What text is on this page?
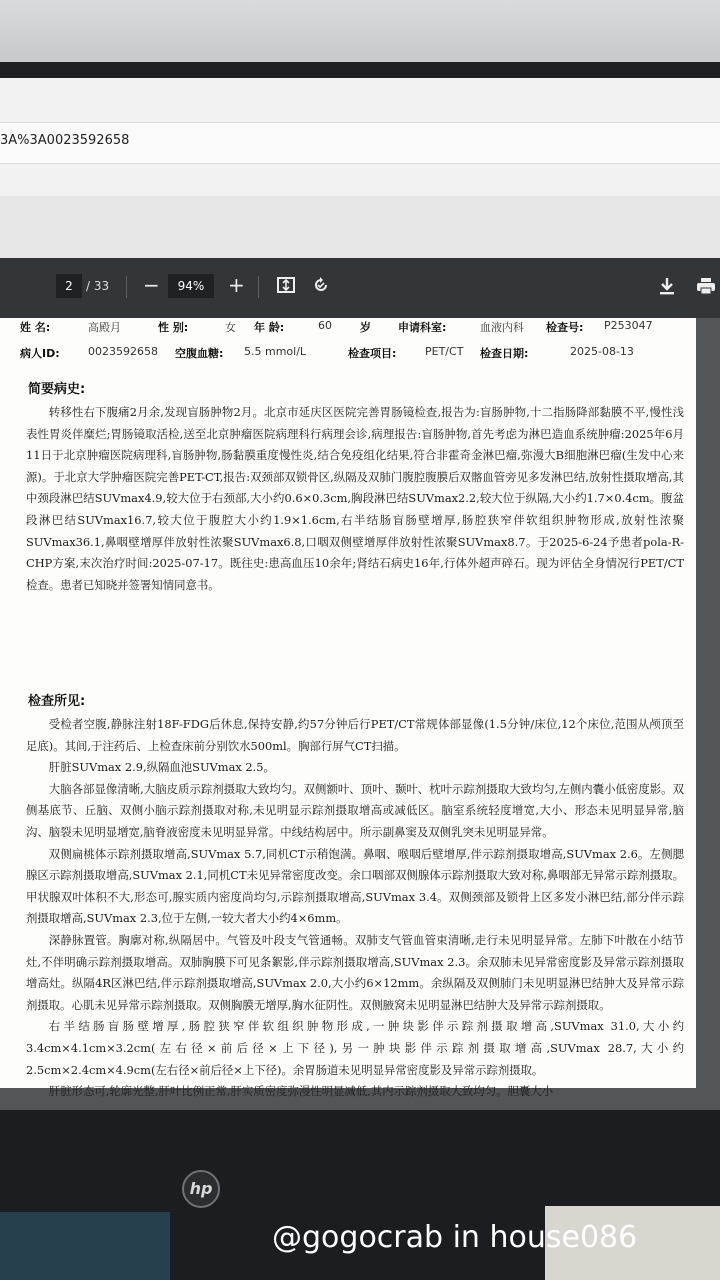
3A%3A0023592658
2	/ 33 −	94%	+
姓 名:	高殿月	性 别:	女 年 龄:	60	岁 申请科室:	血液内科 检查号: P253047
病人ID:	0023592658 空腹血糖: 5.5 mmol/L	检查项目:	PET/CT 检查日期:	2025-08-13
简要病史:

转移性右下腹痛2月余,发现盲肠肿物2月。北京市延庆区医院完善胃肠镜检查,报告为:盲肠肿物,十二指肠降部黏膜不平,慢性浅表性胃炎伴糜烂;胃肠镜取活检,送至北京肿瘤医院病理科行病理会诊,病理报告:盲肠肿物,首先考虑为淋巴造血系统肿瘤:2025年6月11日于北京肿瘤医院病理科,盲肠肿物,肠黏膜重度慢性炎,结合免疫组化结果,符合非霍奇金淋巴瘤,弥漫大B细胞淋巴瘤(生发中心来源)。于北京大学肿瘤医院完善PET-CT,报告:双颈部双锁骨区,纵隔及双肺门腹腔腹膜后双髂血管旁见多发淋巴结,放射性摄取增高,其中颈段淋巴结SUVmax4.9,较大位于右颈部,大小约0.6×0.3cm,胸段淋巴结SUVmax2.2,较大位于纵隔,大小约1.7×0.4cm。腹盆段淋巴结SUVmax16.7,较大位于腹腔大小约1.9×1.6cm,右半结肠盲肠壁增厚,肠腔狭窄伴软组织肿物形成,放射性浓聚SUVmax36.1,鼻咽壁增厚伴放射性浓聚SUVmax6.8,口咽双侧壁增厚伴放射性浓聚SUVmax8.7。于2025-6-24予患者pola-R-CHP方案,末次治疗时间:2025-07-17。既往史:患高血压10余年;肾结石病史16年,行体外超声碎石。现为评估全身情况行PET/CT检查。患者已知晓并签署知情同意书。

检查所见:

受检者空腹,静脉注射18F-FDG后休息,保持安静,约57分钟后行PET/CT常规体部显像(1.5分钟/床位,12个床位,范围从颅顶至足底)。其间,于注药后、上检查床前分别饮水500ml。胸部行屏气CT扫描。

肝脏SUVmax 2.9,纵隔血池SUVmax 2.5。

大脑各部显像清晰,大脑皮质示踪剂摄取大致均匀。双侧额叶、顶叶、颞叶、枕叶示踪剂摄取大致均匀,左侧内囊小低密度影。双侧基底节、丘脑、双侧小脑示踪剂摄取对称,未见明显示踪剂摄取增高或减低区。脑室系统轻度增宽,大小、形态未见明显异常,脑沟、脑裂未见明显增宽,脑脊液密度未见明显异常。中线结构居中。所示副鼻窦及双侧乳突未见明显异常。

双侧扁桃体示踪剂摄取增高,SUVmax 5.7,同机CT示稍饱满。鼻咽、喉咽后壁增厚,伴示踪剂摄取增高,SUVmax 2.6。左侧腮腺区示踪剂摄取增高,SUVmax 2.1,同机CT未见异常密度改变。余口咽部双侧腺体示踪剂摄取大致对称,鼻咽部无异常示踪剂摄取。甲状腺双叶体积不大,形态可,腺实质内密度尚均匀,示踪剂摄取增高,SUVmax 3.4。双侧颈部及锁骨上区多发小淋巴结,部分伴示踪剂摄取增高,SUVmax 2.3,位于左侧,一较大者大小约4×6mm。

深静脉置管。胸廓对称,纵隔居中。气管及叶段支气管通畅。双肺支气管血管束清晰,走行未见明显异常。左肺下叶散在小结节灶,不伴明确示踪剂摄取增高。双肺胸膜下可见条絮影,伴示踪剂摄取增高,SUVmax 2.3。余双肺未见异常密度影及异常示踪剂摄取增高灶。纵隔4R区淋巴结,伴示踪剂摄取增高,SUVmax 2.0,大小约6×12mm。余纵隔及双侧肺门未见明显淋巴结肿大及异常示踪剂摄取。心肌未见异常示踪剂摄取。双侧胸膜无增厚,胸水征阴性。双侧腋窝未见明显淋巴结肿大及异常示踪剂摄取。

右半结肠盲肠壁增厚,肠腔狭窄伴软组织肿物形成,一肿块影伴示踪剂摄取增高,SUVmax 31.0,大小约3.4cm×4.1cm×3.2cm(左右径×前后径×上下径),另一肿块影伴示踪剂摄取增高,SUVmax 28.7,大小约2.5cm×2.4cm×4.9cm(左右径×前后径×上下径)。余胃肠道未见明显异常密度影及异常示踪剂摄取。

肝脏形态可,轮廓光整,肝叶比例正常,肝实质密度弥漫性明显减低,其内示踪剂摄取大致均匀。胆囊大小

hp
@gogocrab in house086
